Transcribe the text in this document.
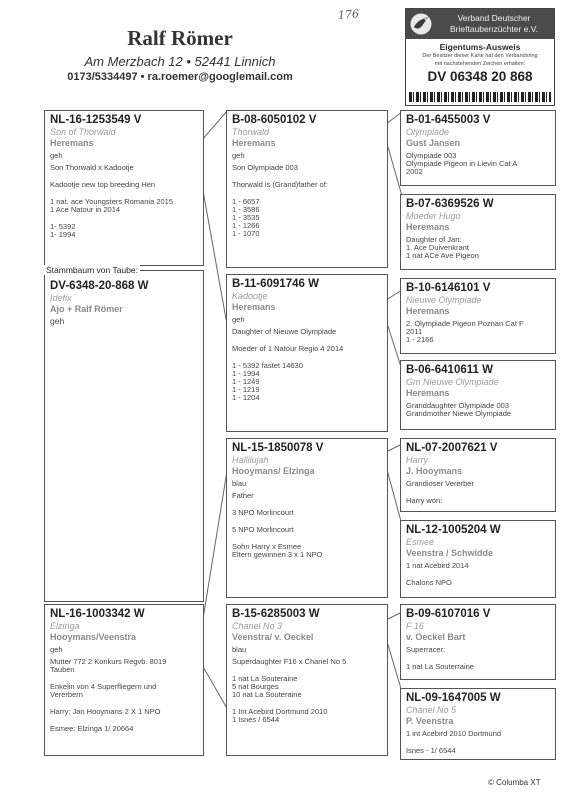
176
Ralf Römer
Am Merzbach 12 • 52441 Linnich
0173/5334497 • ra.roemer@googlemail.com
Verband Deutscher
Brieftaubenzüchter e.V.
Eigentums-Ausweis
Der Besitzer dieser Karte hat den Verbandsring
mit nachstehenden Zeichen erhalten:
DV 06348 20 868
NL-16-1253549 V
Son of Thorwald
Heremans
geh
Son Thorwald x Kadootje
Kadootje new top breeding Hen
1 nat. ace Youngsters Romania 2015
1 Ace Natour in 2014
1- 5392
1- 1994
DV-6348-20-868 W
Idefix
Ajo + Ralf Römer
geh
Stammbaum von Taube:
NL-16-1003342 W
Elzinga
Hooymans/Veenstra
geh
Mutter 772 2 Konkurs Regvb. 8019
Tauben
Enkelin von 4 Superfliegern und
Vererbern
Harry: Jan Hooymans 2 X 1 NPO
Esmee: Elzinga 1/ 20664
B-08-6050102 V
Thorwald
Heremans
geh
Son Olympiade 003
Thorwald is (Grand)father of:
1 - 6657
1 - 3586
1 - 3535
1 - 1266
1 - 1070
B-11-6091746 W
Kadootje
Heremans
geh
Daughter of Nieuwe Olympiade
Moeder of 1 Natour Regio 4 2014
1 - 5392 fastet 14630
1 - 1994
1 - 1249
1 - 1219
1 - 1204
NL-15-1850078 V
Hallilujah
Hooymans/ Elzinga
blau
Father
3 NPO Morlincourt
5 NPO Morlincourt
Sohn Harry x Esmee
Eltern gewinnen 3 x 1 NPO
B-15-6285003 W
Chanel No 3
Veenstra/ v. Oeckel
blau
Superdaughter F16 x Chanel No 5
1 nat La Souteraine
5 nat Bourges
10 nat La Souteraine
1 Int Acebird Dortmund 2010
1 Isnes / 6544
B-01-6455003 V
Olympiade
Gust Jansen
Olympiade 003
Olympiade Pigeon in Lievin Cat A
2002
B-07-6369526 W
Moeder Hugo
Heremans
Daughter of Jan:
1. Ace Duivenkrant
1 nat ACe Ave Pigeon
B-10-6146101 V
Nieuwe Olympiade
Heremans
2. Olympiade Pigeon Poznan Cat F
2011
1 - 2166
B-06-6410611 W
Gm Nieuwe Olympiade
Heremans
Granddaughter Olympiade 003
Grandmother Niewe Olympiade
NL-07-2007621 V
Harry
J. Hooymans
Grandioser Vererber
Harry won:
NL-12-1005204 W
Esmee
Veenstra / Schwidde
1 nat Acebird 2014
Chalons NPO
B-09-6107016 V
F 16
v. Oeckel Bart
Superracer:
1 nat La Souterraine
NL-09-1647005 W
Chanel No 5
P. Veenstra
1 int Acebird 2010 Dortmund
Isnes - 1/ 6544
© Columba XT
